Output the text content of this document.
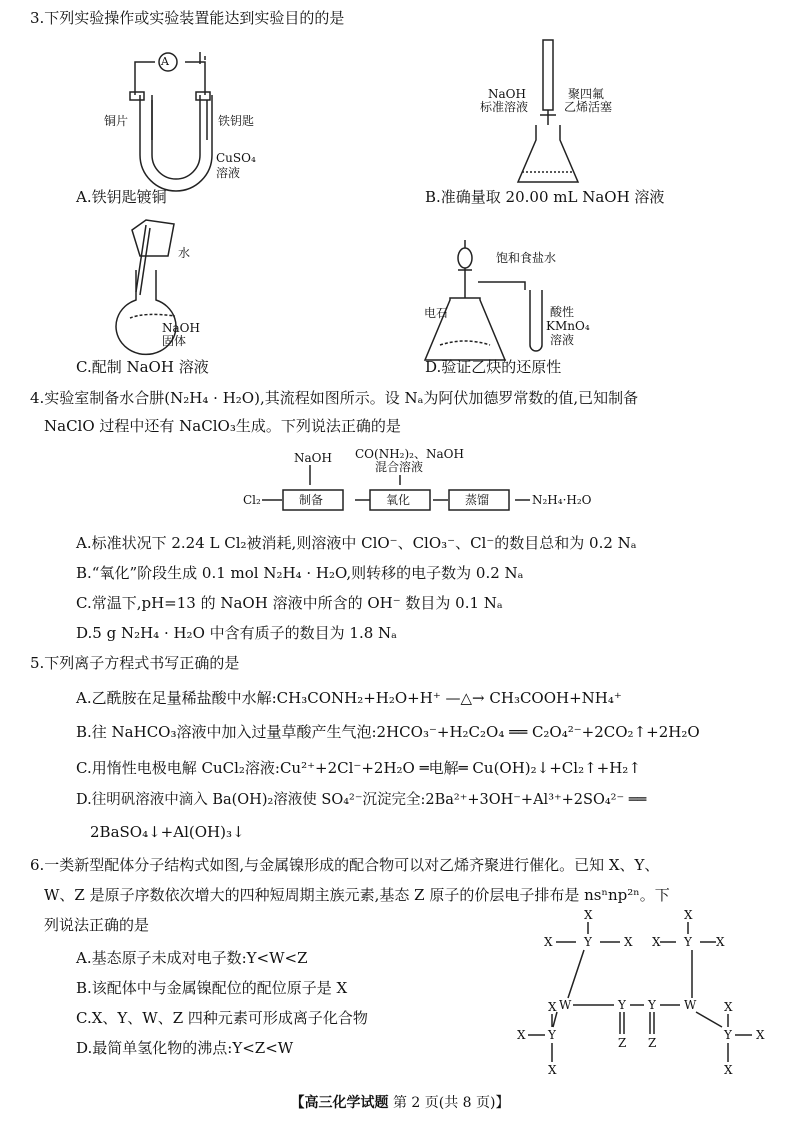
3.下列实验操作或实验装置能达到实验目的的是
A
铜片	铁钥匙
CuSO₄
溶液
A.铁钥匙镀铜
NaOH
标准溶液
聚四氟
乙烯活塞
B.准确量取 20.00 mL NaOH 溶液
水
NaOH
固体
C.配制 NaOH 溶液
饱和食盐水
电石	酸性
KMnO₄
溶液
D.验证乙炔的还原性
4.实验室制备水合肼(N₂H₄ · H₂O),其流程如图所示。设 Nₐ为阿伏加德罗常数的值,已知制备
NaClO 过程中还有 NaClO₃生成。下列说法正确的是
Cl₂
NaOH CO(NH₂)₂、NaOH
混合溶液
制备	氧化	蒸馏	N₂H₄·H₂O
A.标准状况下 2.24 L Cl₂被消耗,则溶液中 ClO⁻、ClO₃⁻、Cl⁻的数目总和为 0.2 Nₐ
B.“氧化”阶段生成 0.1 mol N₂H₄ · H₂O,则转移的电子数为 0.2 Nₐ
C.常温下,pH=13 的 NaOH 溶液中所含的 OH⁻ 数目为 0.1 Nₐ
D.5 g N₂H₄ · H₂O 中含有质子的数目为 1.8 Nₐ
5.下列离子方程式书写正确的是
A.乙酰胺在足量稀盐酸中水解:CH₃CONH₂+H₂O+H⁺ —△→ CH₃COOH+NH₄⁺
B.往 NaHCO₃溶液中加入过量草酸产生气泡:2HCO₃⁻+H₂C₂O₄ ══ C₂O₄²⁻+2CO₂↑+2H₂O
C.用惰性电极电解 CuCl₂溶液:Cu²⁺+2Cl⁻+2H₂O ═电解═ Cu(OH)₂↓+Cl₂↑+H₂↑
D.往明矾溶液中滴入 Ba(OH)₂溶液使 SO₄²⁻沉淀完全:2Ba²⁺+3OH⁻+Al³⁺+2SO₄²⁻ ══
2BaSO₄↓+Al(OH)₃↓
6.一类新型配体分子结构式如图,与金属镍形成的配合物可以对乙烯齐聚进行催化。已知 X、Y、
W、Z 是原子序数依次增大的四种短周期主族元素,基态 Z 原子的价层电子排布是 nsⁿnp²ⁿ。下
列说法正确的是
A.基态原子未成对电子数:Y<W<Z
B.该配体中与金属镍配位的配位原子是 X
C.X、Y、W、Z 四种元素可形成离子化合物
D.最简单氢化物的沸点:Y<Z<W
X
X	Y	X
X
X Y X
W	Y Y W
Z Z
X Y
X
X
Y X
X
X
【高三化学试题 第 2 页(共 8 页)】
